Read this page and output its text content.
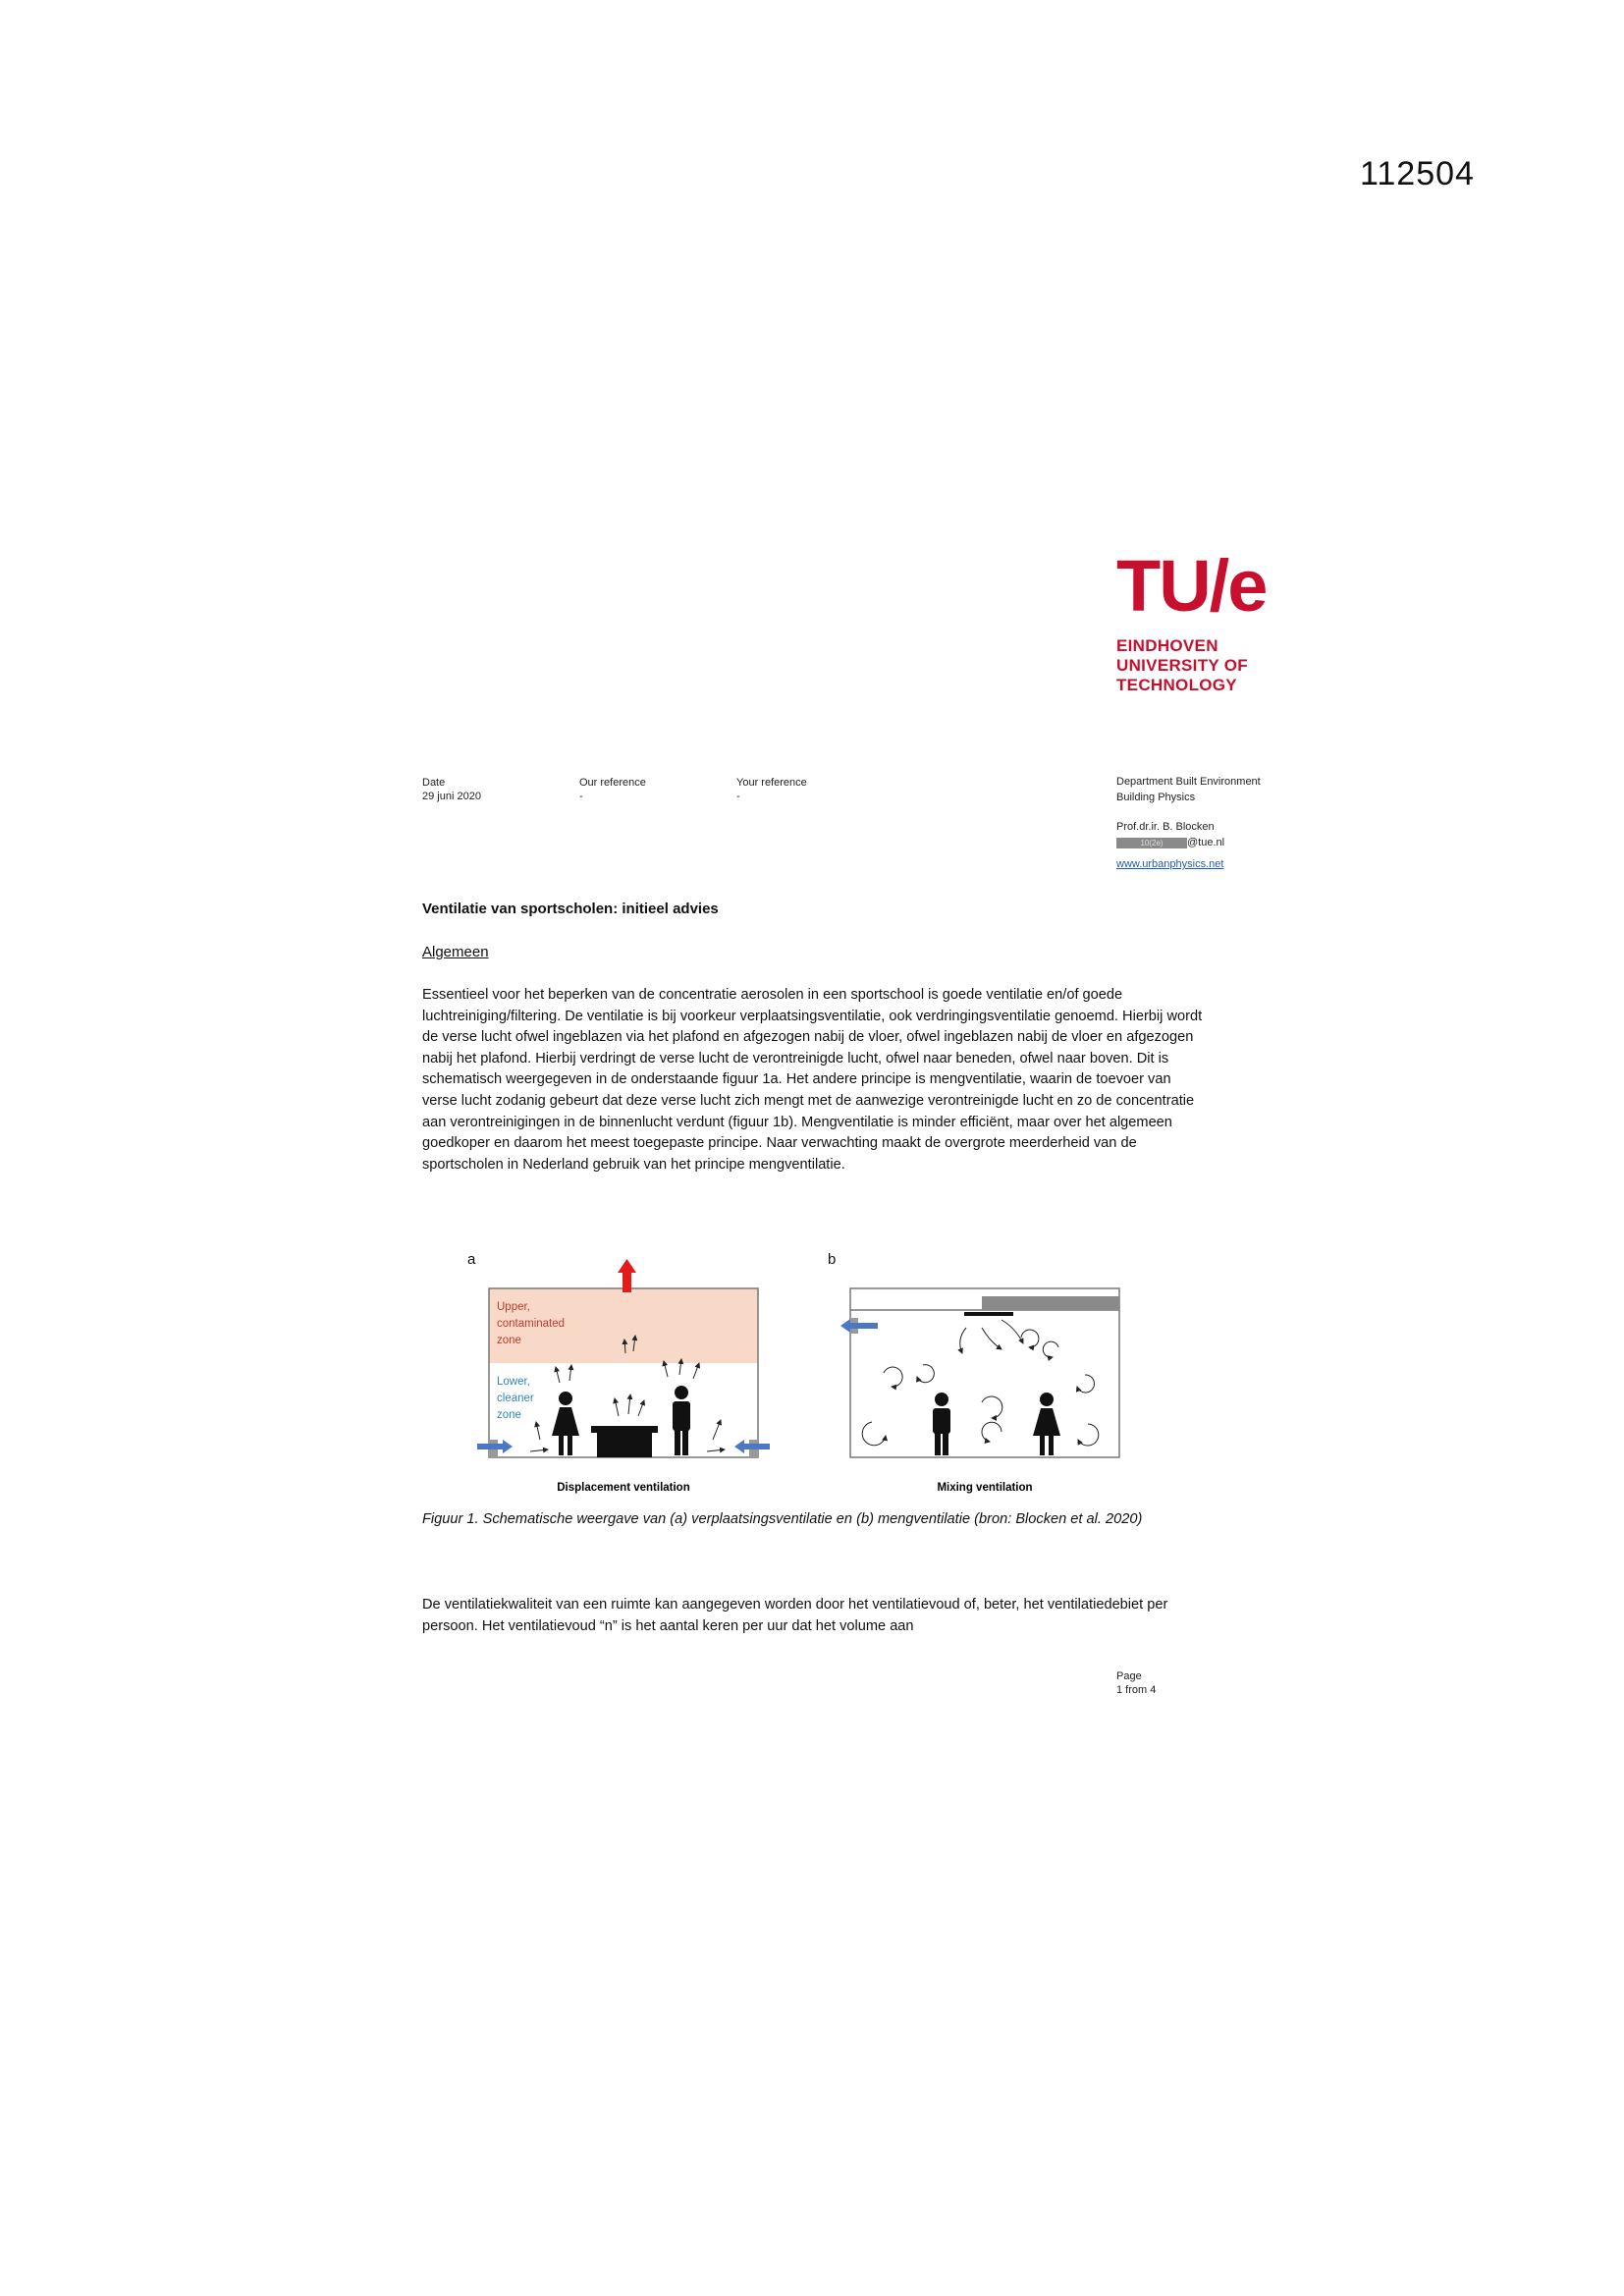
112504
TU/e
EINDHOVEN
UNIVERSITY OF
TECHNOLOGY
Date
29 juni 2020
Our reference
-
Your reference
-
Department Built Environment
Building Physics
Prof.dr.ir. B. Blocken
10(2e) @tue.nl
www.urbanphysics.net
Ventilatie van sportscholen: initieel advies
Algemeen
Essentieel voor het beperken van de concentratie aerosolen in een sportschool is goede ventilatie en/of goede luchtreiniging/filtering. De ventilatie is bij voorkeur verplaatsingsventilatie, ook verdringingsventilatie genoemd. Hierbij wordt de verse lucht ofwel ingeblazen via het plafond en afgezogen nabij de vloer, ofwel ingeblazen nabij de vloer en afgezogen nabij het plafond. Hierbij verdringt de verse lucht de verontreinigde lucht, ofwel naar beneden, ofwel naar boven. Dit is schematisch weergegeven in de onderstaande figuur 1a. Het andere principe is mengventilatie, waarin de toevoer van verse lucht zodanig gebeurt dat deze verse lucht zich mengt met de aanwezige verontreinigde lucht en zo de concentratie aan verontreinigingen in de binnenlucht verdunt (figuur 1b). Mengventilatie is minder efficiënt, maar over het algemeen goedkoper en daarom het meest toegepaste principe. Naar verwachting maakt de overgrote meerderheid van de sportscholen in Nederland gebruik van het principe mengventilatie.
a	b
Upper,
contaminated
zone
Lower,
cleaner
zone
Displacement ventilation	Mixing ventilation
Figuur 1. Schematische weergave van (a) verplaatsingsventilatie en (b) mengventilatie (bron: Blocken et al. 2020)
De ventilatiekwaliteit van een ruimte kan aangegeven worden door het ventilatievoud of, beter, het ventilatiedebiet per persoon. Het ventilatievoud “n” is het aantal keren per uur dat het volume aan
Page
1 from 4
